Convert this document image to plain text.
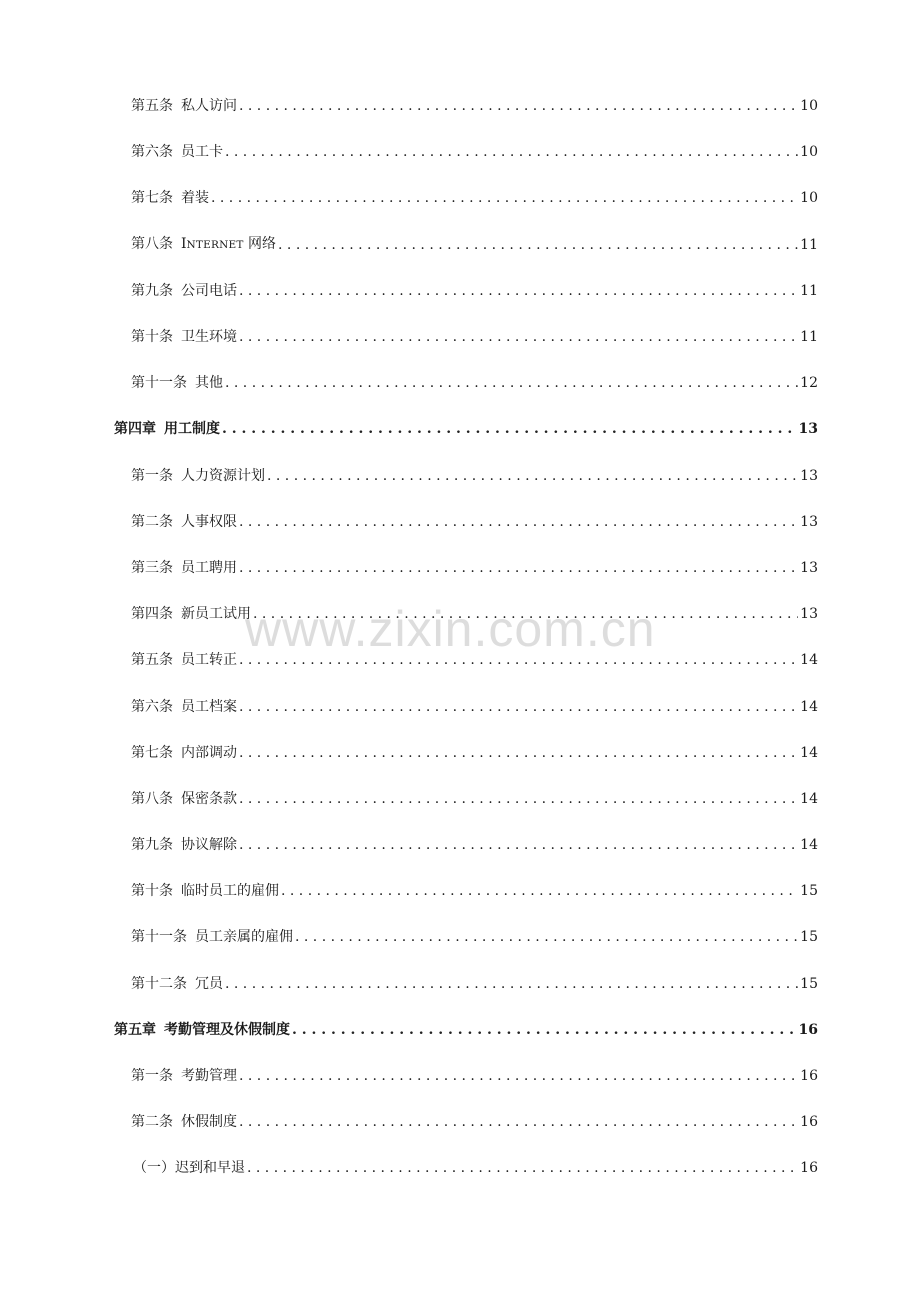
第五条 私人访问 . . .	10
第六条 员工卡 . . .	10
第七条 着装 . . .	10
第八条 INTERNET 网络 . . .	11
第九条 公司电话 . . .	11
第十条 卫生环境 . . .	11
第十一条 其他 . . .	12
第四章 用工制度 . . .	13
第一条 人力资源计划 . . .	13
第二条 人事权限 . . .	13
第三条 员工聘用 . . .	13
第四条 新员工试用 . . .	13
第五条 员工转正 . . .	14
第六条 员工档案 . . .	14
第七条 内部调动 . . .	14
第八条 保密条款 . . .	14
第九条 协议解除 . . .	14
第十条 临时员工的雇佣 . . .	15
第十一条 员工亲属的雇佣 . . .	15
第十二条 冗员 . . .	15
第五章 考勤管理及休假制度 . . .	16
第一条 考勤管理 . . .	16
第二条 休假制度 . . .	16
（一）迟到和早退 . . .	16
www.zixin.com.cn
